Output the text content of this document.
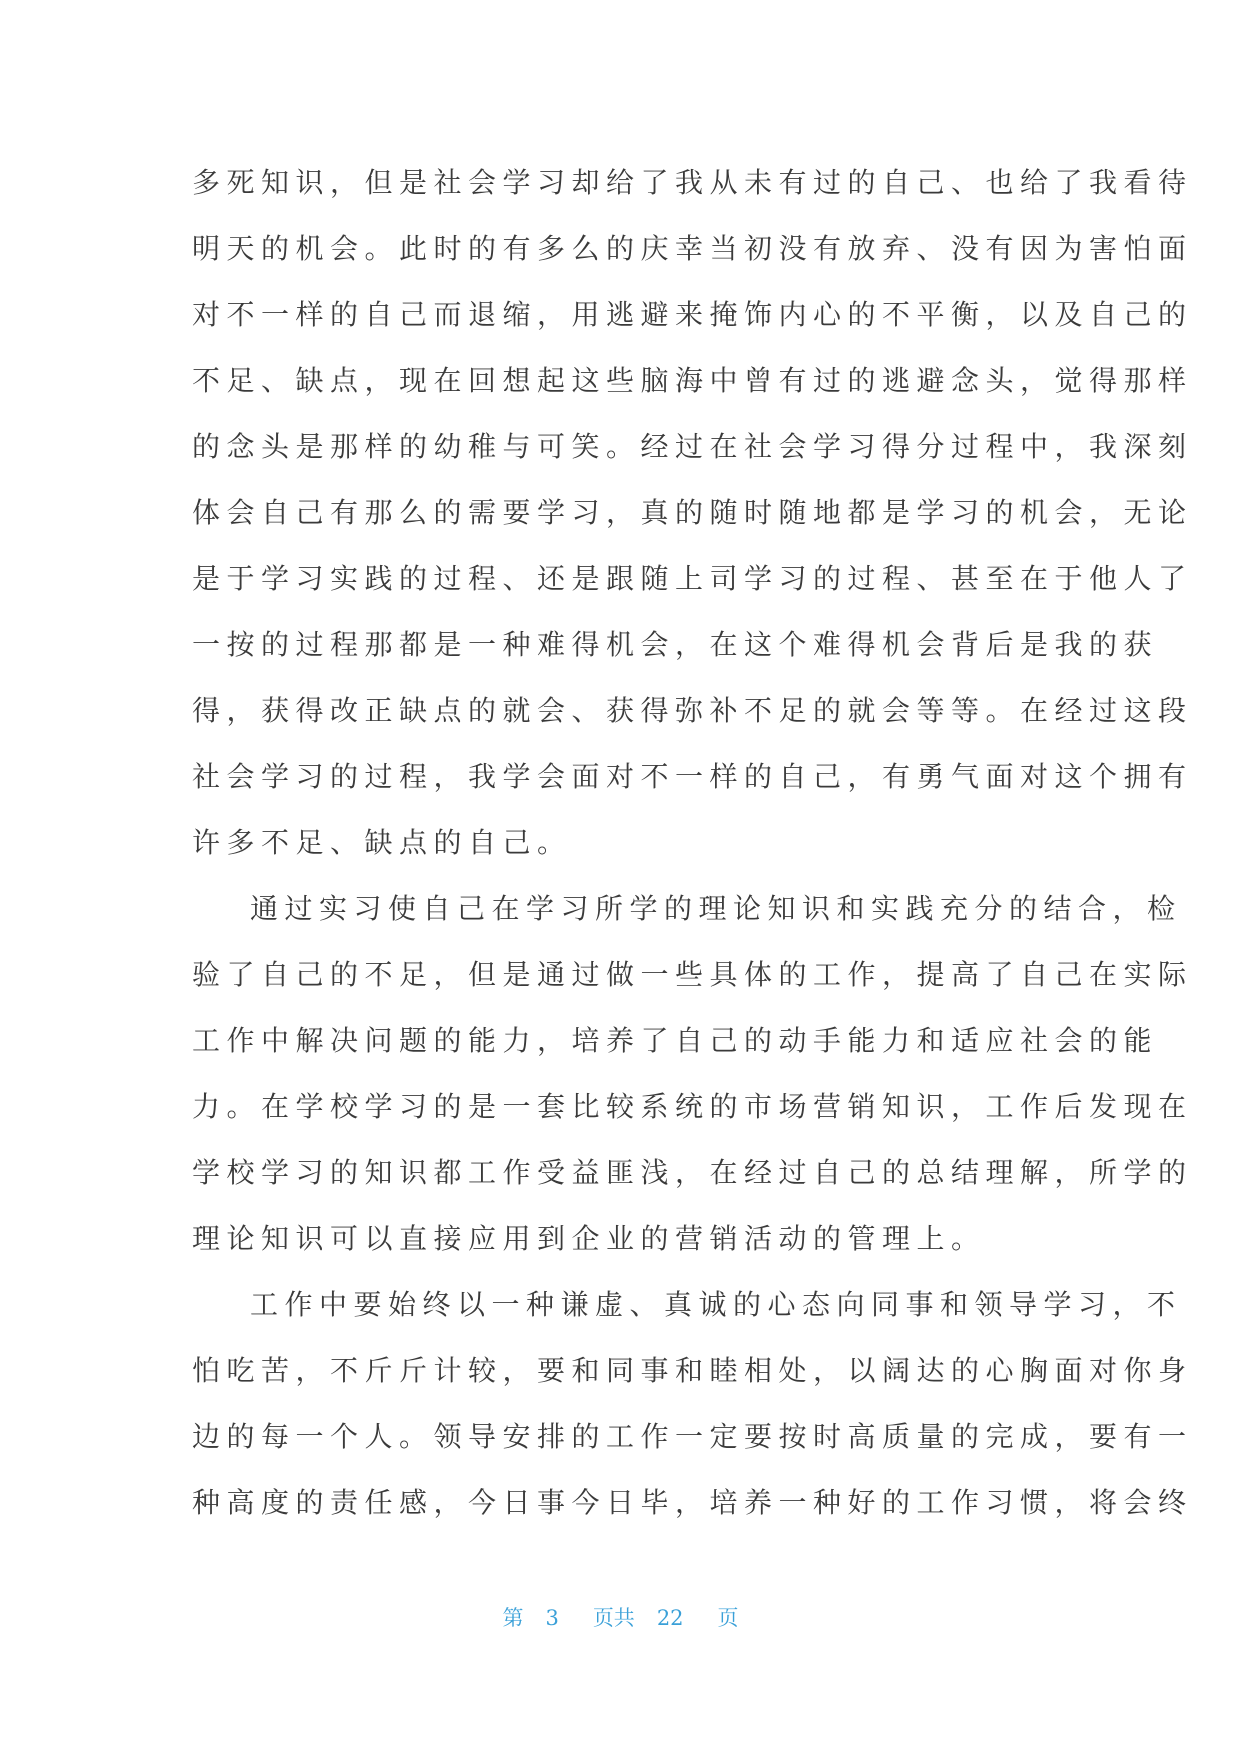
多死知识，但是社会学习却给了我从未有过的自己、也给了我看待
明天的机会。此时的有多么的庆幸当初没有放弃、没有因为害怕面
对不一样的自己而退缩，用逃避来掩饰内心的不平衡，以及自己的
不足、缺点，现在回想起这些脑海中曾有过的逃避念头，觉得那样
的念头是那样的幼稚与可笑。经过在社会学习得分过程中，我深刻
体会自己有那么的需要学习，真的随时随地都是学习的机会，无论
是于学习实践的过程、还是跟随上司学习的过程、甚至在于他人了
一按的过程那都是一种难得机会，在这个难得机会背后是我的获
得，获得改正缺点的就会、获得弥补不足的就会等等。在经过这段
社会学习的过程，我学会面对不一样的自己，有勇气面对这个拥有
许多不足、缺点的自己。
通过实习使自己在学习所学的理论知识和实践充分的结合，检
验了自己的不足，但是通过做一些具体的工作，提高了自己在实际
工作中解决问题的能力，培养了自己的动手能力和适应社会的能
力。在学校学习的是一套比较系统的市场营销知识，工作后发现在
学校学习的知识都工作受益匪浅，在经过自己的总结理解，所学的
理论知识可以直接应用到企业的营销活动的管理上。
工作中要始终以一种谦虚、真诚的心态向同事和领导学习，不
怕吃苦，不斤斤计较，要和同事和睦相处，以阔达的心胸面对你身
边的每一个人。领导安排的工作一定要按时高质量的完成，要有一
种高度的责任感，今日事今日毕，培养一种好的工作习惯，将会终
第 3 页共 22 页
